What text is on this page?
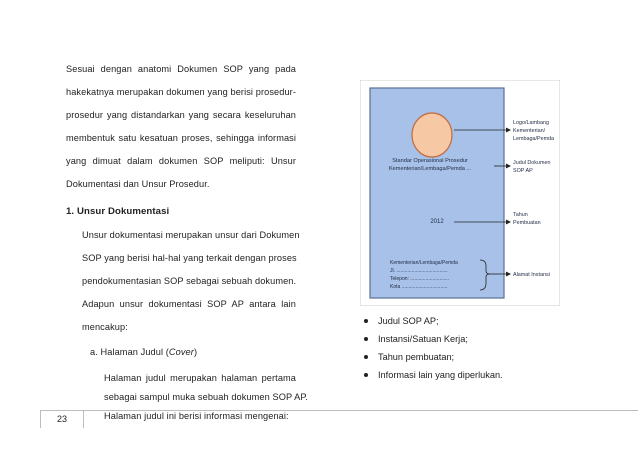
Sesuai dengan anatomi Dokumen SOP yang pada
hakekatnya merupakan dokumen yang berisi prosedur-
prosedur yang distandarkan yang secara keseluruhan
membentuk satu kesatuan proses, sehingga informasi
yang dimuat dalam dokumen SOP meliputi: Unsur
Dokumentasi dan Unsur Prosedur.
1. Unsur Dokumentasi
Unsur dokumentasi merupakan unsur dari Dokumen
SOP yang berisi hal-hal yang terkait dengan proses
pendokumentasian SOP sebagai sebuah dokumen.
Adapun unsur dokumentasi SOP AP antara lain
mencakup:
a. Halaman Judul (Cover)
Halaman judul merupakan halaman pertama
sebagai sampul muka sebuah dokumen SOP AP.
Halaman judul ini berisi informasi mengenai:
Standar Operasional Prosedur
Kementerian/Lembaga/Pemda ...
2012
Kementerian/Lembaga/Pemda
Jl. .....................................
Telepon: ............................
Kota .................................
Logo/Lambang
Kementerian/
Lembaga/Pemda
Judul Dokumen
SOP AP
Tahun
Pembuatan
Alamat Instansi
Judul SOP AP;
Instansi/Satuan Kerja;
Tahun pembuatan;
Informasi lain yang diperlukan.
23
